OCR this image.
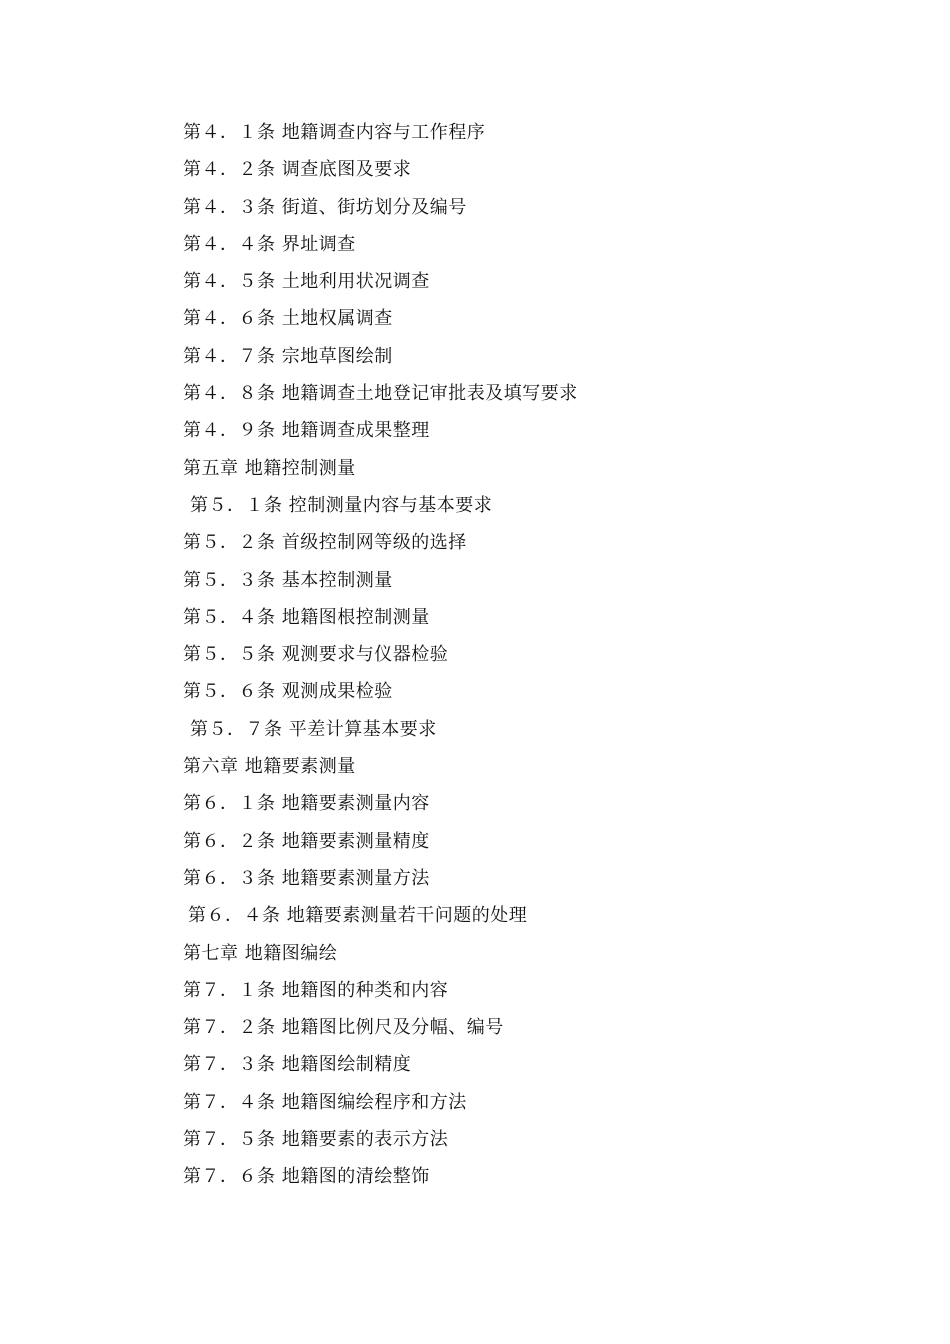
第４．１条 地籍调查内容与工作程序
第４．２条 调查底图及要求
第４．３条 街道、街坊划分及编号
第４．４条 界址调查
第４．５条 土地利用状况调查
第４．６条 土地权属调查
第４．７条 宗地草图绘制
第４．８条 地籍调查土地登记审批表及填写要求
第４．９条 地籍调查成果整理
第五章 地籍控制测量
第５．１条 控制测量内容与基本要求
第５．２条 首级控制网等级的选择
第５．３条 基本控制测量
第５．４条 地籍图根控制测量
第５．５条 观测要求与仪器检验
第５．６条 观测成果检验
第５．７条 平差计算基本要求
第六章 地籍要素测量
第６．１条 地籍要素测量内容
第６．２条 地籍要素测量精度
第６．３条 地籍要素测量方法
第６．４条 地籍要素测量若干问题的处理
第七章 地籍图编绘
第７．１条 地籍图的种类和内容
第７．２条 地籍图比例尺及分幅、编号
第７．３条 地籍图绘制精度
第７．４条 地籍图编绘程序和方法
第７．５条 地籍要素的表示方法
第７．６条 地籍图的清绘整饰
